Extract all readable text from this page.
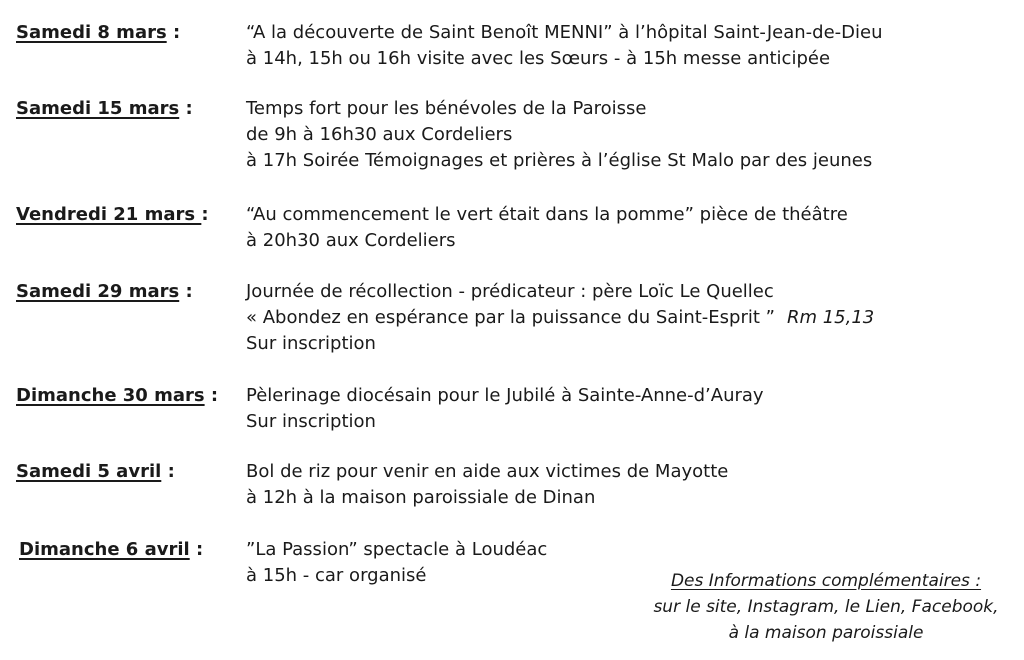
Samedi 8 mars :	“A la découverte de Saint Benoît MENNI” à l’hôpital Saint-Jean-de-Dieu
à 14h, 15h ou 16h visite avec les Sœurs - à 15h messe anticipée
Samedi 15 mars :	Temps fort pour les bénévoles de la Paroisse
de 9h à 16h30 aux Cordeliers
à 17h Soirée Témoignages et prières à l’église St Malo par des jeunes
Vendredi 21 mars : “Au commencement le vert était dans la pomme” pièce de théâtre
à 20h30 aux Cordeliers
Samedi 29 mars :	Journée de récollection - prédicateur : père Loïc Le Quellec
« Abondez en espérance par la puissance du Saint-Esprit ” Rm 15,13
Sur inscription
Dimanche 30 mars : Pèlerinage diocésain pour le Jubilé à Sainte-Anne-d’Auray
Sur inscription
Samedi 5 avril :	Bol de riz pour venir en aide aux victimes de Mayotte
à 12h à la maison paroissiale de Dinan
Dimanche 6 avril : ”La Passion” spectacle à Loudéac
à 15h - car organisé	Des Informations complémentaires :
sur le site, Instagram, le Lien, Facebook,
à la maison paroissiale
